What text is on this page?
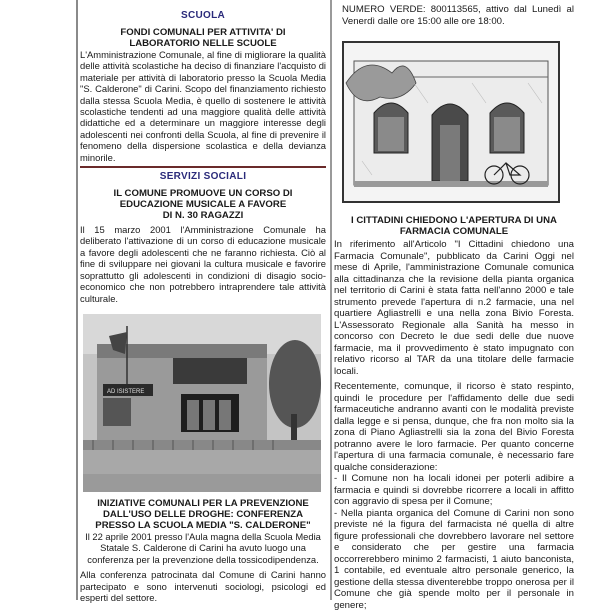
SCUOLA

FONDI COMUNALI PER ATTIVITA' DI

LABORATORIO NELLE SCUOLE

L'Amministrazione Comunale, al fine di migliorare la qualità delle attività scolastiche ha deciso di finanziare l'acquisto di materiale per attività di laboratorio presso la Scuola Media "S. Calderone" di Carini. Scopo del finanziamento richiesto dalla stessa Scuola Media, è quello di sostenere le attività scolastiche tendenti ad una maggiore qualità delle attività didattiche ed a determinare un maggiore interesse degli adolescenti nei confronti della Scuola, al fine di prevenire il fenomeno della dispersione scolastica e della devianza minorile.

SERVIZI SOCIALI

IL COMUNE PROMUOVE UN CORSO DI

EDUCAZIONE MUSICALE A FAVORE

DI N. 30 RAGAZZI

Il 15 marzo 2001 l'Amministrazione Comunale ha deliberato l'attivazione di un corso di educazione musicale a favore degli adolescenti che ne faranno richiesta. Ciò al fine di sviluppare nei giovani la cultura musicale e favorire soprattutto gli adolescenti in condizioni di disagio socio-economico che non potrebbero intraprendere tale attività culturale.

AD ISISTERE

INIZIATIVE COMUNALI PER LA PREVENZIONE

DALL'USO DELLE DROGHE: CONFERENZA

PRESSO LA SCUOLA MEDIA "S. CALDERONE"

Il 22 aprile 2001 presso l'Aula magna della Scuola Media Statale S. Calderone di Carini ha avuto luogo una conferenza per la prevenzione della tossicodipendenza.

Alla conferenza patrocinata dal Comune di Carini hanno partecipato e sono intervenuti sociologi, psicologi ed esperti del settore.

NUMERO VERDE: 800113565, attivo dal Lunedì al Venerdì dalle ore 15:00 alle ore 18:00.

I CITTADINI CHIEDONO L'APERTURA DI UNA

FARMACIA COMUNALE

In riferimento all'Articolo "I Cittadini chiedono una Farmacia Comunale", pubblicato da Carini Oggi nel mese di Aprile, l'amministrazione Comunale comunica alla cittadinanza che la revisione della pianta organica nel territorio di Carini è stata fatta nell'anno 2000 e tale strumento prevede l'apertura di n.2 farmacie, una nel quartiere Agliastrelli e una nella zona Bivio Foresta. L'Assessorato Regionale alla Sanità ha messo in concorso con Decreto le due sedi delle due nuove farmacie, ma il provvedimento è stato impugnato con relativo ricorso al TAR da una titolare delle farmacie locali.

Recentemente, comunque, il ricorso è stato respinto, quindi le procedure per l'affidamento delle due sedi farmaceutiche andranno avanti con le modalità previste dalla legge e si pensa, dunque, che fra non molto sia la zona di Piano Agliastrelli sia la zona del Bivio Foresta potranno avere le loro farmacie. Per quanto concerne l'apertura di una farmacia comunale, è necessario fare qualche considerazione:

- Il Comune non ha locali idonei per poterli adibire a farmacia e quindi si dovrebbe ricorrere a locali in affitto con aggravio di spesa per il Comune;

- Nella pianta organica del Comune di Carini non sono previste né la figura del farmacista né quella di altre figure professionali che dovrebbero lavorare nel settore e considerato che per gestire una farmacia occorrerebbero minimo 2 farmacisti, 1 aiuto banconista, 1 contabile, ed eventuale altro personale generico, la gestione della stessa diventerebbe troppo onerosa per il Comune che già spende molto per il personale in genere;
